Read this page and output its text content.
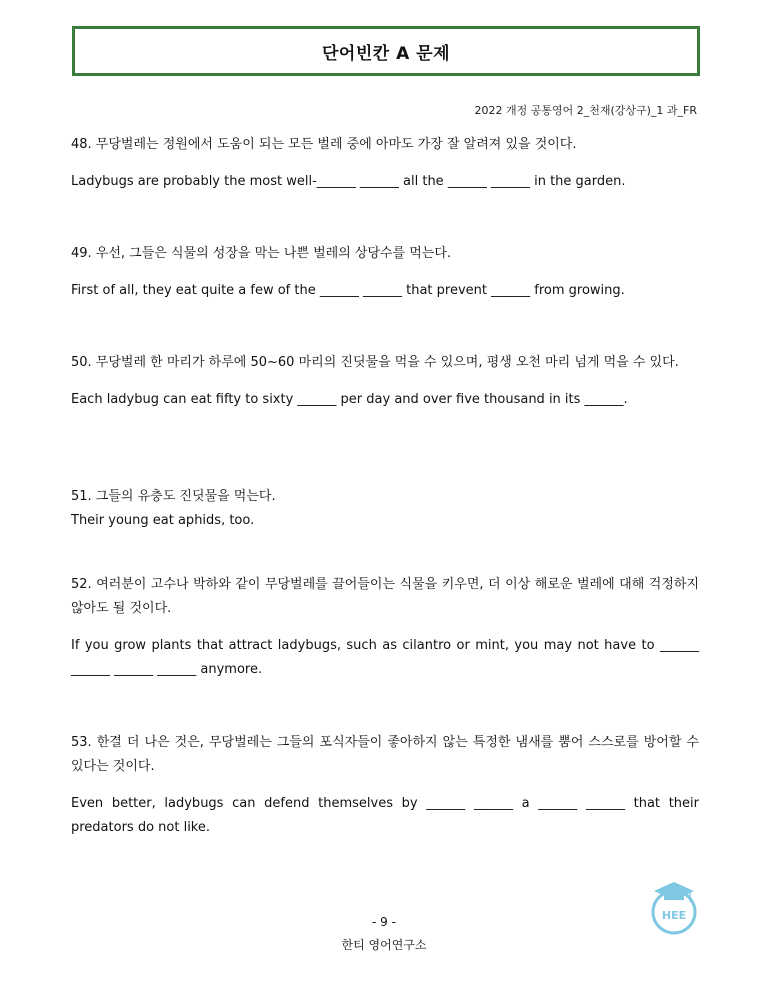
단어빈칸 A 문제
2022 개정 공통영어 2_천재(강상구)_1 과_FR

48. 무당벌레는 정원에서 도움이 되는 모든 벌레 중에 아마도 가장 잘 알려져 있을 것이다.

Ladybugs are probably the most well-______ ______ all the ______ ______ in the garden.

49. 우선, 그들은 식물의 성장을 막는 나쁜 벌레의 상당수를 먹는다.

First of all, they eat quite a few of the ______ ______ that prevent ______ from growing.

50. 무당벌레 한 마리가 하루에 50~60 마리의 진딧물을 먹을 수 있으며, 평생 오천 마리 넘게 먹을 수 있다.

Each ladybug can eat fifty to sixty ______ per day and over five thousand in its ______.

51. 그들의 유충도 진딧물을 먹는다.

Their young eat aphids, too.

52. 여러분이 고수나 박하와 같이 무당벌레를 끌어들이는 식물을 키우면, 더 이상 해로운 벌레에 대해 걱정하지 않아도 될 것이다.

If you grow plants that attract ladybugs, such as cilantro or mint, you may not have to ______ ______ ______ ______ anymore.

53. 한결 더 나은 것은, 무당벌레는 그들의 포식자들이 좋아하지 않는 특정한 냄새를 뿜어 스스로를 방어할 수 있다는 것이다.

Even better, ladybugs can defend themselves by ______ ______ a ______ ______ that their predators do not like.

- 9 -
한티 영어연구소
HEE
